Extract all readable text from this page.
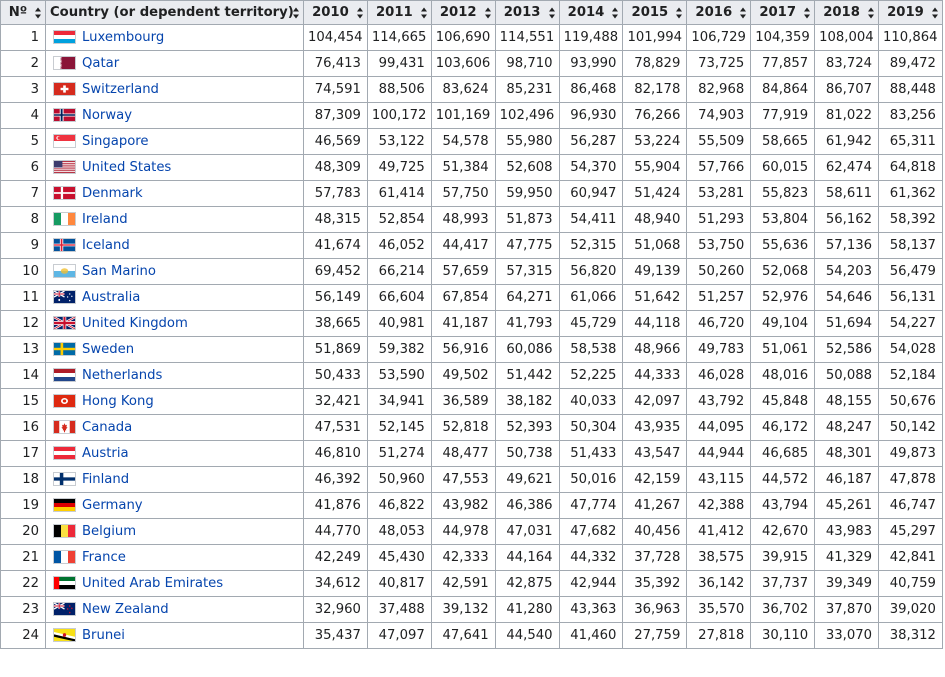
Nº	Country (or dependent territory)	2010	2011	2012	2013	2014	2015	2016	2017	2018	2019

1	Luxembourg	104,454	114,665	106,690	114,551	119,488	101,994	106,729	104,359	108,004	110,864
2	Qatar	76,413	99,431	103,606	98,710	93,990	78,829	73,725	77,857	83,724	89,472
3	Switzerland	74,591	88,506	83,624	85,231	86,468	82,178	82,968	84,864	86,707	88,448
4	Norway	87,309	100,172	101,169	102,496	96,930	76,266	74,903	77,919	81,022	83,256
5	Singapore	46,569	53,122	54,578	55,980	56,287	53,224	55,509	58,665	61,942	65,311
6	United States	48,309	49,725	51,384	52,608	54,370	55,904	57,766	60,015	62,474	64,818
7	Denmark	57,783	61,414	57,750	59,950	60,947	51,424	53,281	55,823	58,611	61,362
8	Ireland	48,315	52,854	48,993	51,873	54,411	48,940	51,293	53,804	56,162	58,392
9	Iceland	41,674	46,052	44,417	47,775	52,315	51,068	53,750	55,636	57,136	58,137
10	San Marino	69,452	66,214	57,659	57,315	56,820	49,139	50,260	52,068	54,203	56,479
11	Australia	56,149	66,604	67,854	64,271	61,066	51,642	51,257	52,976	54,646	56,131
12	United Kingdom	38,665	40,981	41,187	41,793	45,729	44,118	46,720	49,104	51,694	54,227
13	Sweden	51,869	59,382	56,916	60,086	58,538	48,966	49,783	51,061	52,586	54,028
14	Netherlands	50,433	53,590	49,502	51,442	52,225	44,333	46,028	48,016	50,088	52,184
15	Hong Kong	32,421	34,941	36,589	38,182	40,033	42,097	43,792	45,848	48,155	50,676
16	Canada	47,531	52,145	52,818	52,393	50,304	43,935	44,095	46,172	48,247	50,142
17	Austria	46,810	51,274	48,477	50,738	51,433	43,547	44,944	46,685	48,301	49,873
18	Finland	46,392	50,960	47,553	49,621	50,016	42,159	43,115	44,572	46,187	47,878
19	Germany	41,876	46,822	43,982	46,386	47,774	41,267	42,388	43,794	45,261	46,747
20	Belgium	44,770	48,053	44,978	47,031	47,682	40,456	41,412	42,670	43,983	45,297
21	France	42,249	45,430	42,333	44,164	44,332	37,728	38,575	39,915	41,329	42,841
22	United Arab Emirates	34,612	40,817	42,591	42,875	42,944	35,392	36,142	37,737	39,349	40,759
23	New Zealand	32,960	37,488	39,132	41,280	43,363	36,963	35,570	36,702	37,870	39,020
24	Brunei	35,437	47,097	47,641	44,540	41,460	27,759	27,818	30,110	33,070	38,312
